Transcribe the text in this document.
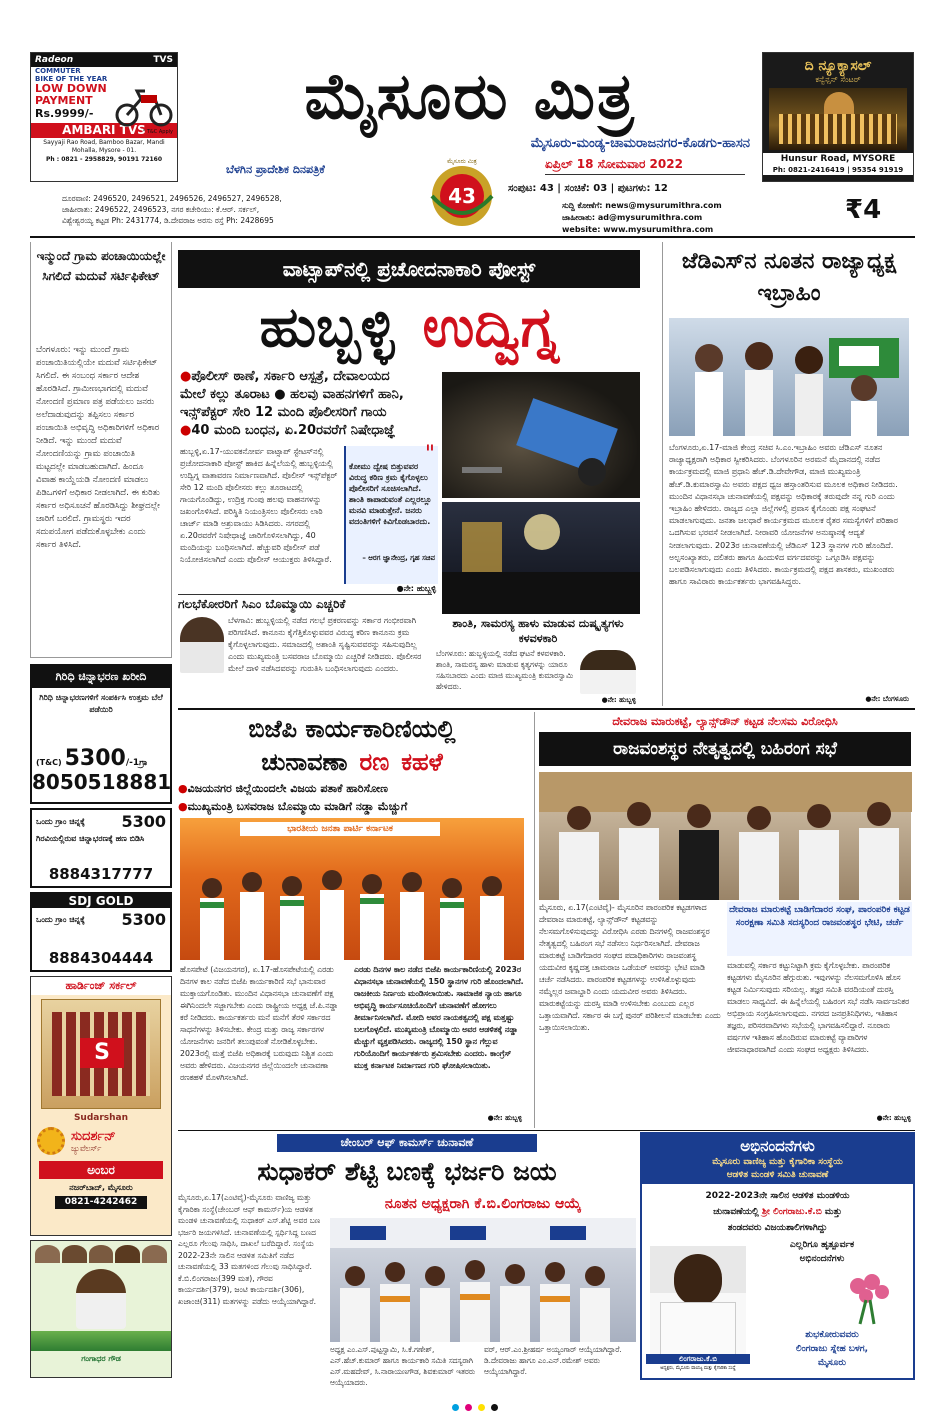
Radeon	TVS
COMMUTER
BIKE OF THE YEAR
LOW DOWN
PAYMENT
Rs.9999/-
* T&C Apply
AMBARI TVS
Sayyaji Rao Road, Bamboo Bazar, Mandi Mohalla, Mysore - 01.
Ph : 0821 - 2958829, 90191 72160
ಮೈಸೂರು ಮಿತ್ರ
ಮೈಸೂರು-ಮಂಡ್ಯ-ಚಾಮರಾಜನಗರ-ಕೊಡಗು-ಹಾಸನ
ಬೆಳಗಿನ ಪ್ರಾದೇಶಿಕ ದಿನಪತ್ರಿಕೆ
43
ಮೈಸೂರು ಮಿತ್ರ	ಏಪ್ರಿಲ್ 18 ಸೋಮವಾರ 2022
ಸಂಪುಟ: 43 | ಸಂಚಿಕೆ: 03 | ಪುಟಗಳು: 12
ದಿ ನ್ಯೂಕ್ಯಾಸಲ್
ಕನ್ವೆನ್ಷನ್ ಸೆಂಟರ್
Hunsur Road, MYSORE
Ph: 0821-2416419 | 95354 91919
ದೂರವಾಣಿ: 2496520, 2496521, 2496526, 2496527, 2496528,
ಜಾಹೀರಾತು: 2496522, 2496523, ನಗರ ಕಚೇರಿಯು: ಕೆ.ಆರ್. ಸರ್ಕಲ್,
ವಿಶ್ವೇಶ್ವರಯ್ಯ ಕಟ್ಟಡ Ph: 2431774, ಡಿ.ದೇವರಾಜ ಅರಸು ರಸ್ತೆ Ph: 2428695
ಸುದ್ದಿ ಕೋಣೆಗೆ: news@mysurumithra.com
ಜಾಹೀರಾತು: ad@mysurumithra.com
website: www.mysurumithra.com
₹4
ಇನ್ಮುಂದೆ ಗ್ರಾಮ ಪಂಚಾಯಿಯಲ್ಲೇ ಸಿಗಲಿದೆ ಮದುವೆ ಸರ್ಟಿಫಿಕೇಟ್
ಬೆಂಗಳೂರು: ಇನ್ನು ಮುಂದೆ ಗ್ರಾಮ ಪಂಚಾಯಿತಿಯಲ್ಲಿಯೇ ಮದುವೆ ಸರ್ಟಿಫಿಕೇಟ್ ಸಿಗಲಿದೆ. ಈ ಸಂಬಂಧ ಸರ್ಕಾರ ಆದೇಶ ಹೊರಡಿಸಿದೆ. ಗ್ರಾಮೀಣಭಾಗದಲ್ಲಿ ಮದುವೆ ನೋಂದಣಿ ಪ್ರಮಾಣ ಪತ್ರ ಪಡೆಯಲು ಜನರು ಅಲೆದಾಡುವುದನ್ನು ತಪ್ಪಿಸಲು ಸರ್ಕಾರ ಪಂಚಾಯಿತಿ ಅಭಿವೃದ್ಧಿ ಅಧಿಕಾರಿಗಳಿಗೆ ಅಧಿಕಾರ ನೀಡಿದೆ. ಇನ್ನು ಮುಂದೆ ಮದುವೆ ನೋಂದಣಿಯನ್ನು ಗ್ರಾಮ ಪಂಚಾಯಿತಿ ಮಟ್ಟದಲ್ಲೇ ಮಾಡಬಹುದಾಗಿದೆ. ಹಿಂದೂ ವಿವಾಹ ಕಾಯ್ದೆಯಡಿ ನೋಂದಣಿ ಮಾಡಲು ಪಿಡಿಒಗಳಿಗೆ ಅಧಿಕಾರ ನೀಡಲಾಗಿದೆ. ಈ ಕುರಿತು ಸರ್ಕಾರ ಅಧಿಸೂಚನೆ ಹೊರಡಿಸಿದ್ದು ಶೀಘ್ರದಲ್ಲೇ ಜಾರಿಗೆ ಬರಲಿದೆ. ಗ್ರಾಮಸ್ಥರು ಇದರ ಸದುಪಯೋಗ ಪಡೆದುಕೊಳ್ಳಬೇಕು ಎಂದು ಸರ್ಕಾರ ತಿಳಿಸಿದೆ.
ಗಿರಿಧಿ ಚಿನ್ನಾಭರಣ ಖರೀದಿ
ಗಿರಿಧಿ ಚಿನ್ನಾಭರಣಗಳಿಗೆ ಸಂಪರ್ಕಿಸಿ ಉತ್ತಮ ಬೆಲೆ ಪಡೆಯಿರಿ
(T&C) 5300 /-1ಗ್ರಾ
8050518881
ಒಂದು ಗ್ರಾಂ ಚಿನ್ನಕ್ಕೆ 5300
ಗಿರವಿಯಲ್ಲಿರುವ ಚಿನ್ನಾಭರಣಕ್ಕೆ ಹಣ ಬಿಡಿಸಿ
8884317777
SDJ GOLD
ಒಂದು ಗ್ರಾಂ ಚಿನ್ನಕ್ಕೆ 5300
8884304444
ಹಾರ್ಡಿಂಜ್ ಸರ್ಕಲ್
S
Sudarshan
ಸುದರ್ಶನ್
ಜ್ಯುವೆಲರ್ಸ್
ಅಂಬರ
ನಜರ್‌ಬಾದ್, ಮೈಸೂರು
0821-4242462
ಗಂಗಾಧರ ಗೌಡ
ವಾಟ್ಸಾಪ್‌ನಲ್ಲಿ ಪ್ರಚೋದನಾಕಾರಿ ಪೋಸ್ಟ್
ಹುಬ್ಬಳ್ಳಿ ಉದ್ವಿಗ್ನ
● ಪೊಲೀಸ್ ಠಾಣೆ, ಸರ್ಕಾರಿ ಆಸ್ಪತ್ರೆ, ದೇವಾಲಯದ
ಮೇಲೆ ಕಲ್ಲು ತೂರಾಟ ● ಹಲವು ವಾಹನಗಳಿಗೆ ಹಾನಿ,
ಇನ್ಸ್‌ಪೆಕ್ಟರ್ ಸೇರಿ 12 ಮಂದಿ ಪೊಲೀಸರಿಗೆ ಗಾಯ
● 40 ಮಂದಿ ಬಂಧನ, ಏ.20ರವರೆಗೆ ನಿಷೇಧಾಜ್ಞೆ
ಹುಬ್ಬಳ್ಳಿ,ಏ.17-ಯುವಕನೋರ್ವ ವಾಟ್ಸಾಪ್ ಸ್ಟೇಟಸ್‌ನಲ್ಲಿ ಪ್ರಚೋದನಾಕಾರಿ ಪೋಸ್ಟ್ ಹಾಕಿದ ಹಿನ್ನೆಲೆಯಲ್ಲಿ ಹುಬ್ಬಳ್ಳಿಯಲ್ಲಿ ಉದ್ವಿಗ್ನ ವಾತಾವರಣ ನಿರ್ಮಾಣವಾಗಿದೆ. ಪೊಲೀಸ್ ಇನ್ಸ್‌ಪೆಕ್ಟರ್ ಸೇರಿ 12 ಮಂದಿ ಪೊಲೀಸರು ಕಲ್ಲು ತೂರಾಟದಲ್ಲಿ ಗಾಯಗೊಂಡಿದ್ದು, ಉದ್ರಿಕ್ತ ಗುಂಪು ಹಲವು ವಾಹನಗಳನ್ನು ಜಖಂಗೊಳಿಸಿದೆ. ಪರಿಸ್ಥಿತಿ ನಿಯಂತ್ರಿಸಲು ಪೊಲೀಸರು ಲಾಠಿ ಚಾರ್ಜ್ ಮಾಡಿ ಅಶ್ರುವಾಯು ಸಿಡಿಸಿದರು. ನಗರದಲ್ಲಿ ಏ.20ರವರೆಗೆ ನಿಷೇಧಾಜ್ಞೆ ಜಾರಿಗೊಳಿಸಲಾಗಿದ್ದು, 40 ಮಂದಿಯನ್ನು ಬಂಧಿಸಲಾಗಿದೆ. ಹೆಚ್ಚುವರಿ ಪೊಲೀಸ್ ಪಡೆ ನಿಯೋಜಿಸಲಾಗಿದೆ ಎಂದು ಪೊಲೀಸ್ ಆಯುಕ್ತರು ತಿಳಿಸಿದ್ದಾರೆ.
"
ಕೋಮು ದ್ವೇಷ ಬಿತ್ತುವವರ ವಿರುದ್ಧ ಕಠಿಣ ಕ್ರಮ ಕೈಗೊಳ್ಳಲು ಪೊಲೀಸರಿಗೆ ಸೂಚಿಸಲಾಗಿದೆ. ಶಾಂತಿ ಕಾಪಾಡುವಂತೆ ಎಲ್ಲರಲ್ಲೂ ಮನವಿ ಮಾಡುತ್ತೇನೆ. ಜನರು ವದಂತಿಗಳಿಗೆ ಕಿವಿಗೊಡಬಾರದು.
– ಆರಗ ಜ್ಞಾನೇಂದ್ರ, ಗೃಹ ಸಚಿವ
●ನೇ: ಹುಬ್ಬಳ್ಳಿ
ಗಲಭೆಕೋರರಿಗೆ ಸಿಎಂ ಬೊಮ್ಮಾಯಿ ಎಚ್ಚರಿಕೆ
ಬೆಳಗಾವಿ: ಹುಬ್ಬಳ್ಳಿಯಲ್ಲಿ ನಡೆದ ಗಲಭೆ ಪ್ರಕರಣವನ್ನು ಸರ್ಕಾರ ಗಂಭೀರವಾಗಿ ಪರಿಗಣಿಸಿದೆ. ಕಾನೂನು ಕೈಗೆತ್ತಿಕೊಳ್ಳುವವರ ವಿರುದ್ಧ ಕಠಿಣ ಕಾನೂನು ಕ್ರಮ ಕೈಗೊಳ್ಳಲಾಗುವುದು. ಸಮಾಜದಲ್ಲಿ ಅಶಾಂತಿ ಸೃಷ್ಟಿಸುವವರನ್ನು ಸಹಿಸುವುದಿಲ್ಲ ಎಂದು ಮುಖ್ಯಮಂತ್ರಿ ಬಸವರಾಜ ಬೊಮ್ಮಾಯಿ ಎಚ್ಚರಿಕೆ ನೀಡಿದರು. ಪೊಲೀಸರ ಮೇಲೆ ದಾಳಿ ನಡೆಸಿದವರನ್ನು ಗುರುತಿಸಿ ಬಂಧಿಸಲಾಗುವುದು ಎಂದರು.
ಶಾಂತಿ, ಸಾಮರಸ್ಯ ಹಾಳು ಮಾಡುವ ದುಷ್ಕೃತ್ಯಗಳು ಕಳವಳಕಾರಿ
ಬೆಂಗಳೂರು: ಹುಬ್ಬಳ್ಳಿಯಲ್ಲಿ ನಡೆದ ಘಟನೆ ಕಳವಳಕಾರಿ. ಶಾಂತಿ, ಸಾಮರಸ್ಯ ಹಾಳು ಮಾಡುವ ಕೃತ್ಯಗಳನ್ನು ಯಾರೂ ಸಹಿಸಬಾರದು ಎಂದು ಮಾಜಿ ಮುಖ್ಯಮಂತ್ರಿ ಕುಮಾರಸ್ವಾಮಿ ಹೇಳಿದರು.
●ನೇ: ಹುಬ್ಬಳ್ಳಿ
ಜೆಡಿಎಸ್‌ನ ನೂತನ ರಾಜ್ಯಾಧ್ಯಕ್ಷ ಇಬ್ರಾಹಿಂ
ಬೆಂಗಳೂರು,ಏ.17-ಮಾಜಿ ಕೇಂದ್ರ ಸಚಿವ ಸಿ.ಎಂ.ಇಬ್ರಾಹಿಂ ಅವರು ಜೆಡಿಎಸ್ ನೂತನ ರಾಜ್ಯಾಧ್ಯಕ್ಷರಾಗಿ ಅಧಿಕಾರ ಸ್ವೀಕರಿಸಿದರು. ಬೆಂಗಳೂರಿನ ಅರಮನೆ ಮೈದಾನದಲ್ಲಿ ನಡೆದ ಕಾರ್ಯಕ್ರಮದಲ್ಲಿ ಮಾಜಿ ಪ್ರಧಾನಿ ಹೆಚ್.ಡಿ.ದೇವೇಗೌಡ, ಮಾಜಿ ಮುಖ್ಯಮಂತ್ರಿ ಹೆಚ್.ಡಿ.ಕುಮಾರಸ್ವಾಮಿ ಅವರು ಪಕ್ಷದ ಧ್ವಜ ಹಸ್ತಾಂತರಿಸುವ ಮೂಲಕ ಅಧಿಕಾರ ನೀಡಿದರು. ಮುಂದಿನ ವಿಧಾನಸಭಾ ಚುನಾವಣೆಯಲ್ಲಿ ಪಕ್ಷವನ್ನು ಅಧಿಕಾರಕ್ಕೆ ತರುವುದೇ ನನ್ನ ಗುರಿ ಎಂದು ಇಬ್ರಾಹಿಂ ಹೇಳಿದರು. ರಾಜ್ಯದ ಎಲ್ಲಾ ಜಿಲ್ಲೆಗಳಲ್ಲಿ ಪ್ರವಾಸ ಕೈಗೊಂಡು ಪಕ್ಷ ಸಂಘಟನೆ ಮಾಡಲಾಗುವುದು. ಜನತಾ ಜಲಧಾರೆ ಕಾರ್ಯಕ್ರಮದ ಮೂಲಕ ರೈತರ ಸಮಸ್ಯೆಗಳಿಗೆ ಪರಿಹಾರ ಒದಗಿಸುವ ಭರವಸೆ ನೀಡಲಾಗಿದೆ. ನೀರಾವರಿ ಯೋಜನೆಗಳ ಅನುಷ್ಠಾನಕ್ಕೆ ಆದ್ಯತೆ ನೀಡಲಾಗುವುದು. 2023ರ ಚುನಾವಣೆಯಲ್ಲಿ ಜೆಡಿಎಸ್ 123 ಸ್ಥಾನಗಳ ಗುರಿ ಹೊಂದಿದೆ. ಅಲ್ಪಸಂಖ್ಯಾತರು, ದಲಿತರು ಹಾಗೂ ಹಿಂದುಳಿದ ವರ್ಗದವರನ್ನು ಒಗ್ಗೂಡಿಸಿ ಪಕ್ಷವನ್ನು ಬಲಪಡಿಸಲಾಗುವುದು ಎಂದು ತಿಳಿಸಿದರು. ಕಾರ್ಯಕ್ರಮದಲ್ಲಿ ಪಕ್ಷದ ಶಾಸಕರು, ಮುಖಂಡರು ಹಾಗೂ ಸಾವಿರಾರು ಕಾರ್ಯಕರ್ತರು ಭಾಗವಹಿಸಿದ್ದರು.
●ನೇ: ಬೆಂಗಳೂರು
ಬಿಜೆಪಿ ಕಾರ್ಯಕಾರಿಣಿಯಲ್ಲಿ
ಚುನಾವಣಾ ರಣ ಕಹಳೆ
● ವಿಜಯನಗರ ಜಿಲ್ಲೆಯಿಂದಲೇ ವಿಜಯ ಪತಾಕೆ ಹಾರಿಸೋಣ
● ಮುಖ್ಯಮಂತ್ರಿ ಬಸವರಾಜ ಬೊಮ್ಮಾಯಿ ಮಾಡಿಗೆ ನಡ್ಡಾ ಮೆಚ್ಚುಗೆ
ಭಾರತೀಯ ಜನತಾ ಪಾರ್ಟಿ ಕರ್ನಾಟಕ
ಹೊಸಪೇಟೆ (ವಿಜಯನಗರ), ಏ.17-ಹೊಸಪೇಟೆಯಲ್ಲಿ ಎರಡು ದಿನಗಳ ಕಾಲ ನಡೆದ ಬಿಜೆಪಿ ಕಾರ್ಯಕಾರಿಣಿ ಸಭೆ ಭಾನುವಾರ ಮುಕ್ತಾಯಗೊಂಡಿತು. ಮುಂದಿನ ವಿಧಾನಸಭಾ ಚುನಾವಣೆಗೆ ಪಕ್ಷ ಈಗಿನಿಂದಲೇ ಸಜ್ಜಾಗಬೇಕು ಎಂದು ರಾಷ್ಟ್ರೀಯ ಅಧ್ಯಕ್ಷ ಜೆ.ಪಿ.ನಡ್ಡಾ ಕರೆ ನೀಡಿದರು. ಕಾರ್ಯಕರ್ತರು ಮನೆ ಮನೆಗೆ ತೆರಳಿ ಸರ್ಕಾರದ ಸಾಧನೆಗಳನ್ನು ತಿಳಿಸಬೇಕು. ಕೇಂದ್ರ ಮತ್ತು ರಾಜ್ಯ ಸರ್ಕಾರಗಳ ಯೋಜನೆಗಳು ಜನರಿಗೆ ತಲುಪುವಂತೆ ನೋಡಿಕೊಳ್ಳಬೇಕು. 2023ರಲ್ಲಿ ಮತ್ತೆ ಬಿಜೆಪಿ ಅಧಿಕಾರಕ್ಕೆ ಬರುವುದು ನಿಶ್ಚಿತ ಎಂದು ಅವರು ಹೇಳಿದರು. ವಿಜಯನಗರ ಜಿಲ್ಲೆಯಿಂದಲೇ ಚುನಾವಣಾ ರಣಕಹಳೆ ಮೊಳಗಿಸಲಾಗಿದೆ.
ಎರಡು ದಿನಗಳ ಕಾಲ ನಡೆದ ಬಿಜೆಪಿ ಕಾರ್ಯಕಾರಿಣಿಯಲ್ಲಿ 2023ರ ವಿಧಾನಸಭಾ ಚುನಾವಣೆಯಲ್ಲಿ 150 ಸ್ಥಾನಗಳ ಗುರಿ ಹೊಂದಲಾಗಿದೆ. ರಾಜಕೀಯ ನಿರ್ಣಯ ಮಂಡಿಸಲಾಯಿತು. ಸಾಮಾಜಿಕ ನ್ಯಾಯ ಹಾಗೂ ಅಭಿವೃದ್ಧಿ ಕಾರ್ಯಸೂಚಿಯೊಂದಿಗೆ ಚುನಾವಣೆಗೆ ಹೋಗಲು ತೀರ್ಮಾನಿಸಲಾಗಿದೆ. ಮೋದಿ ಅವರ ನಾಯಕತ್ವದಲ್ಲಿ ಪಕ್ಷ ಮತ್ತಷ್ಟು ಬಲಗೊಳ್ಳಲಿದೆ. ಮುಖ್ಯಮಂತ್ರಿ ಬೊಮ್ಮಾಯಿ ಅವರ ಆಡಳಿತಕ್ಕೆ ನಡ್ಡಾ ಮೆಚ್ಚುಗೆ ವ್ಯಕ್ತಪಡಿಸಿದರು. ರಾಜ್ಯದಲ್ಲಿ 150 ಸ್ಥಾನ ಗೆಲ್ಲುವ ಗುರಿಯೊಂದಿಗೆ ಕಾರ್ಯಕರ್ತರು ಶ್ರಮಿಸಬೇಕು ಎಂದರು. ಕಾಂಗ್ರೆಸ್ ಮುಕ್ತ ಕರ್ನಾಟಕ ನಿರ್ಮಾಣದ ಗುರಿ ಘೋಷಿಸಲಾಯಿತು.
●ನೇ: ಹುಬ್ಬಳ್ಳಿ
ದೇವರಾಜ ಮಾರುಕಟ್ಟೆ, ಲ್ಯಾನ್ಸ್‌ಡೌನ್ ಕಟ್ಟಡ ನೆಲಸಮ ವಿರೋಧಿಸಿ
ರಾಜವಂಶಸ್ಥರ ನೇತೃತ್ವದಲ್ಲಿ ಬಹಿರಂಗ ಸಭೆ
ಮೈಸೂರು, ಏ.17(ಎಂಟಿವೈ)- ಮೈಸೂರಿನ ಪಾರಂಪರಿಕ ಕಟ್ಟಡಗಳಾದ ದೇವರಾಜ ಮಾರುಕಟ್ಟೆ, ಲ್ಯಾನ್ಸ್‌ಡೌನ್ ಕಟ್ಟಡವನ್ನು ನೆಲಸಮಗೊಳಿಸುವುದನ್ನು ವಿರೋಧಿಸಿ ಎರಡು ದಿನಗಳಲ್ಲಿ ರಾಜವಂಶಸ್ಥರ ನೇತೃತ್ವದಲ್ಲಿ ಬಹಿರಂಗ ಸಭೆ ನಡೆಸಲು ನಿರ್ಧರಿಸಲಾಗಿದೆ. ದೇವರಾಜ ಮಾರುಕಟ್ಟೆ ಬಾಡಿಗೆದಾರರ ಸಂಘದ ಪದಾಧಿಕಾರಿಗಳು ರಾಜವಂಶಸ್ಥ ಯದುವೀರ ಕೃಷ್ಣದತ್ತ ಚಾಮರಾಜ ಒಡೆಯರ್ ಅವರನ್ನು ಭೇಟಿ ಮಾಡಿ ಚರ್ಚೆ ನಡೆಸಿದರು. ಪಾರಂಪರಿಕ ಕಟ್ಟಡಗಳನ್ನು ಉಳಿಸಿಕೊಳ್ಳುವುದು ನಮ್ಮೆಲ್ಲರ ಜವಾಬ್ದಾರಿ ಎಂದು ಯದುವೀರ ಅವರು ತಿಳಿಸಿದರು. ಮಾರುಕಟ್ಟೆಯನ್ನು ದುರಸ್ತಿ ಮಾಡಿ ಉಳಿಸಬೇಕು ಎಂಬುದು ಎಲ್ಲರ ಒತ್ತಾಯವಾಗಿದೆ. ಸರ್ಕಾರ ಈ ಬಗ್ಗೆ ಪುನರ್ ಪರಿಶೀಲನೆ ಮಾಡಬೇಕು ಎಂದು ಒತ್ತಾಯಿಸಲಾಯಿತು.
ದೇವರಾಜ ಮಾರುಕಟ್ಟೆ ಬಾಡಿಗೆದಾರರ ಸಂಘ, ಪಾರಂಪರಿಕ ಕಟ್ಟಡ ಸಂರಕ್ಷಣಾ ಸಮಿತಿ ಸದಸ್ಯರಿಂದ ರಾಜವಂಶಸ್ಥರ ಭೇಟಿ, ಚರ್ಚೆ
ಮಾಡುವಲ್ಲಿ ಸರ್ಕಾರ ಕಟ್ಟುನಿಟ್ಟಾಗಿ ಕ್ರಮ ಕೈಗೊಳ್ಳಬೇಕು. ಪಾರಂಪರಿಕ ಕಟ್ಟಡಗಳು ಮೈಸೂರಿನ ಹೆಗ್ಗುರುತು. ಇವುಗಳನ್ನು ನೆಲಸಮಗೊಳಿಸಿ ಹೊಸ ಕಟ್ಟಡ ನಿರ್ಮಿಸುವುದು ಸರಿಯಲ್ಲ. ತಜ್ಞರ ಸಮಿತಿ ವರದಿಯಂತೆ ದುರಸ್ತಿ ಮಾಡಲು ಸಾಧ್ಯವಿದೆ. ಈ ಹಿನ್ನೆಲೆಯಲ್ಲಿ ಬಹಿರಂಗ ಸಭೆ ನಡೆಸಿ ಸಾರ್ವಜನಿಕರ ಅಭಿಪ್ರಾಯ ಸಂಗ್ರಹಿಸಲಾಗುವುದು. ನಗರದ ಜನಪ್ರತಿನಿಧಿಗಳು, ಇತಿಹಾಸ ತಜ್ಞರು, ಪರಿಸರವಾದಿಗಳು ಸಭೆಯಲ್ಲಿ ಭಾಗವಹಿಸಲಿದ್ದಾರೆ. ನೂರಾರು ವರ್ಷಗಳ ಇತಿಹಾಸ ಹೊಂದಿರುವ ಮಾರುಕಟ್ಟೆ ವ್ಯಾಪಾರಿಗಳ ಜೀವನಾಧಾರವಾಗಿದೆ ಎಂದು ಸಂಘದ ಅಧ್ಯಕ್ಷರು ತಿಳಿಸಿದರು.
●ನೇ: ಹುಬ್ಬಳ್ಳಿ
ಚೇಂಬರ್ ಆಫ್ ಕಾಮರ್ಸ್ ಚುನಾವಣೆ
ಸುಧಾಕರ್ ಶೆಟ್ಟಿ ಬಣಕ್ಕೆ ಭರ್ಜರಿ ಜಯ
ಮೈಸೂರು,ಏ.17(ಎಂಟಿವೈ)-ಮೈಸೂರು ವಾಣಿಜ್ಯ ಮತ್ತು ಕೈಗಾರಿಕಾ ಸಂಸ್ಥೆ(ಚೇಂಬರ್ ಆಫ್ ಕಾಮರ್ಸ್)ಯ ಆಡಳಿತ ಮಂಡಳಿ ಚುನಾವಣೆಯಲ್ಲಿ ಸುಧಾಕರ್ ಎಸ್.ಶೆಟ್ಟಿ ಅವರ ಬಣ ಭರ್ಜರಿ ಜಯಗಳಿಸಿದೆ. ಚುನಾವಣೆಯಲ್ಲಿ ಸ್ಪರ್ಧಿಸಿದ್ದ ಬಣದ ಎಲ್ಲರೂ ಗೆಲುವು ಸಾಧಿಸಿ, ದಾಖಲೆ ಬರೆದಿದ್ದಾರೆ. ಸಂಸ್ಥೆಯ 2022-23ನೇ ಸಾಲಿನ ಆಡಳಿತ ಸಮಿತಿಗೆ ನಡೆದ ಚುನಾವಣೆಯಲ್ಲಿ 33 ಮತಗಳಿಂದ ಗೆಲುವು ಸಾಧಿಸಿದ್ದಾರೆ. ಕೆ.ಬಿ.ಲಿಂಗರಾಜು(399 ಮತ), ಗೌರವ ಕಾರ್ಯದರ್ಶಿ(379), ಜಂಟಿ ಕಾರ್ಯದರ್ಶಿ(306), ಖಜಾಂಚಿ(311) ಮತಗಳನ್ನು ಪಡೆದು ಆಯ್ಕೆಯಾಗಿದ್ದಾರೆ.
ನೂತನ ಅಧ್ಯಕ್ಷರಾಗಿ ಕೆ.ಬಿ.ಲಿಂಗರಾಜು ಆಯ್ಕೆ
ಅಧ್ಯಕ್ಷ ಎಂ.ಎಸ್.ಪುಟ್ಟಸ್ವಾಮಿ, ಸಿ.ಕೆ.ಗಣೇಶ್, ಎನ್.ಹೆಚ್.ಕುಮಾರ್ ಹಾಗೂ ಕಾರ್ಯಕಾರಿ ಸಮಿತಿ ಸದಸ್ಯರಾಗಿ ಎಸ್.ಮಹದೇವ್, ಸಿ.ನಾರಾಯಣಗೌಡ, ಶಿವಕುಮಾರ್ ಇತರರು ಆಯ್ಕೆಯಾದರು.
ವರ್, ಆರ್.ಎಂ.ಶ್ರೀಹರ್ಷ ಅಯ್ಯಂಗಾರ್ ಆಯ್ಕೆಯಾಗಿದ್ದಾರೆ. ಡಿ.ದೇವರಾಜು ಹಾಗೂ ಎಂ.ಎನ್.ರಮೇಶ್ ಅವರು ಆಯ್ಕೆಯಾಗಿದ್ದಾರೆ.
ಅಭಿನಂದನೆಗಳು
ಮೈಸೂರು ವಾಣಿಜ್ಯ ಮತ್ತು ಕೈಗಾರಿಕಾ ಸಂಸ್ಥೆಯ
ಆಡಳಿತ ಮಂಡಳಿ ಸಮಿತಿ ಚುನಾವಣೆ
2022-2023ನೇ ಸಾಲಿನ ಆಡಳಿತ ಮಂಡಳಿಯ
ಚುನಾವಣೆಯಲ್ಲಿ ಶ್ರೀ ಲಿಂಗರಾಜು.ಕೆ.ಬಿ ಮತ್ತು
ತಂಡದವರು ವಿಜಯಶಾಲಿಗಳಾಗಿದ್ದು
ಎಲ್ಲರಿಗೂ ಹೃತ್ಪೂರ್ವಕ
ಅಭಿನಂದನೆಗಳು
ಶುಭಕೋರುವವರು
ಲಿಂಗರಾಜು ಸ್ನೇಹ ಬಳಗ,
ಮೈಸೂರು
ಲಿಂಗರಾಜು.ಕೆ.ಬಿ
ಅಧ್ಯಕ್ಷರು, ಮೈಸೂರು ವಾಣಿಜ್ಯ ಮತ್ತು ಕೈಗಾರಿಕಾ ಸಂಸ್ಥೆ
